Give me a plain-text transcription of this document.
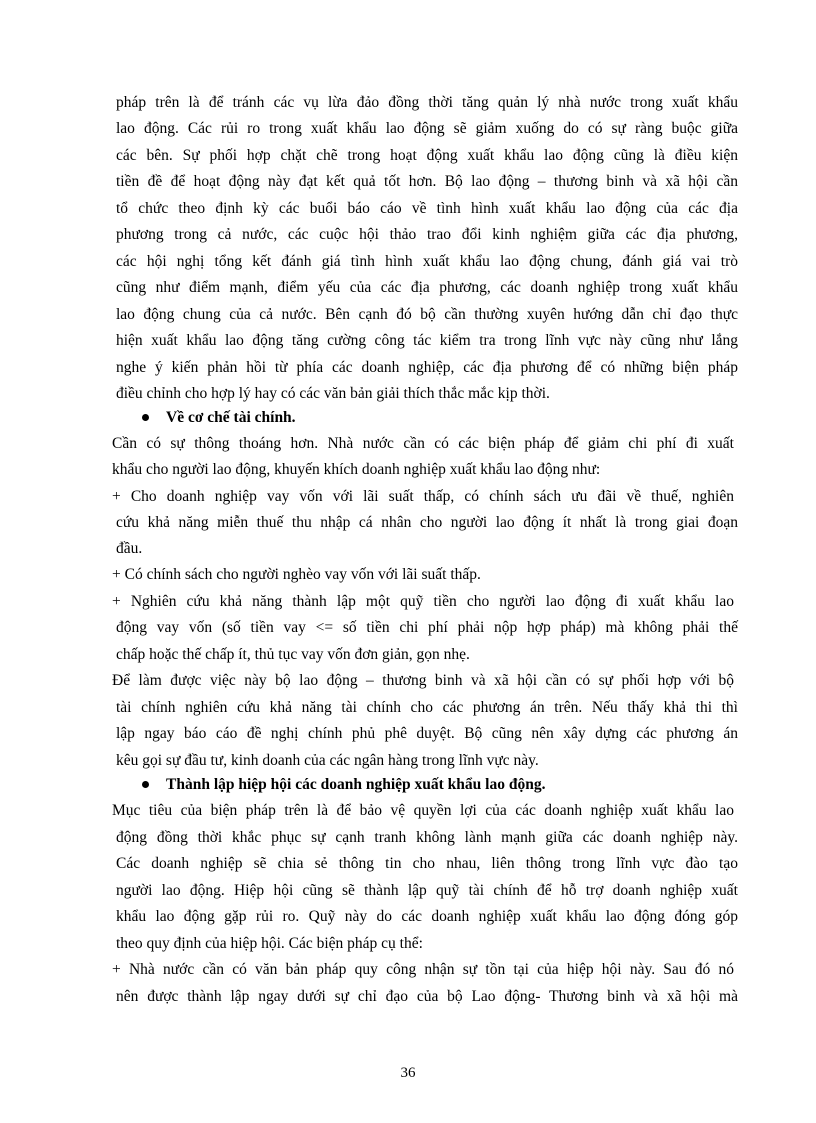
pháp trên là để tránh các vụ lừa đảo đồng thời tăng quản lý nhà nước trong xuất khẩu
lao động. Các rủi ro trong xuất khẩu lao động sẽ giảm xuống do có sự ràng buộc giữa
các bên. Sự phối hợp chặt chẽ trong hoạt động xuất khẩu lao động cũng là điều kiện
tiền đề để hoạt động này đạt kết quả tốt hơn. Bộ lao động – thương binh và xã hội cần
tổ chức theo định kỳ các buổi báo cáo về tình hình xuất khẩu lao động của các địa
phương trong cả nước, các cuộc hội thảo trao đổi kinh nghiệm giữa các địa phương,
các hội nghị tổng kết đánh giá tình hình xuất khẩu lao động chung, đánh giá vai trò
cũng như điểm mạnh, điểm yếu của các địa phương, các doanh nghiệp trong xuất khẩu
lao động chung của cả nước. Bên cạnh đó bộ cần thường xuyên hướng dẫn chỉ đạo thực
hiện xuất khẩu lao động tăng cường công tác kiểm tra trong lĩnh vực này cũng như lắng
nghe ý kiến phản hồi từ phía các doanh nghiệp, các địa phương để có những biện pháp
điều chỉnh cho hợp lý hay có các văn bản giải thích thắc mắc kịp thời.
Về cơ chế tài chính.
Cần có sự thông thoáng hơn. Nhà nước cần có các biện pháp để giảm chi phí đi xuất
khẩu cho người lao động, khuyến khích doanh nghiệp xuất khẩu lao động như:
+ Cho doanh nghiệp vay vốn với lãi suất thấp, có chính sách ưu đãi về thuế, nghiên
cứu khả năng miễn thuế thu nhập cá nhân cho người lao động ít nhất là trong giai đoạn
đầu.
+ Có chính sách cho người nghèo vay vốn với lãi suất thấp.
+ Nghiên cứu khả năng thành lập một quỹ tiền cho người lao động đi xuất khẩu lao
động vay vốn (số tiền vay <= số tiền chi phí phải nộp hợp pháp) mà không phải thế
chấp hoặc thế chấp ít, thủ tục vay vốn đơn giản, gọn nhẹ.
Để làm được việc này bộ lao động – thương binh và xã hội cần có sự phối hợp với bộ
tài chính nghiên cứu khả năng tài chính cho các phương án trên. Nếu thấy khả thi thì
lập ngay báo cáo đề nghị chính phủ phê duyệt. Bộ cũng nên xây dựng các phương án
kêu gọi sự đầu tư, kinh doanh của các ngân hàng trong lĩnh vực này.
Thành lập hiệp hội các doanh nghiệp xuất khẩu lao động.
Mục tiêu của biện pháp trên là để bảo vệ quyền lợi của các doanh nghiệp xuất khẩu lao
động đồng thời khắc phục sự cạnh tranh không lành mạnh giữa các doanh nghiệp này.
Các doanh nghiệp sẽ chia sẻ thông tin cho nhau, liên thông trong lĩnh vực đào tạo
người lao động. Hiệp hội cũng sẽ thành lập quỹ tài chính để hỗ trợ doanh nghiệp xuất
khẩu lao động gặp rủi ro. Quỹ này do các doanh nghiệp xuất khẩu lao động đóng góp
theo quy định của hiệp hội. Các biện pháp cụ thể:
+ Nhà nước cần có văn bản pháp quy công nhận sự tồn tại của hiệp hội này. Sau đó nó
nên được thành lập ngay dưới sự chỉ đạo của bộ Lao động- Thương binh và xã hội mà
36
